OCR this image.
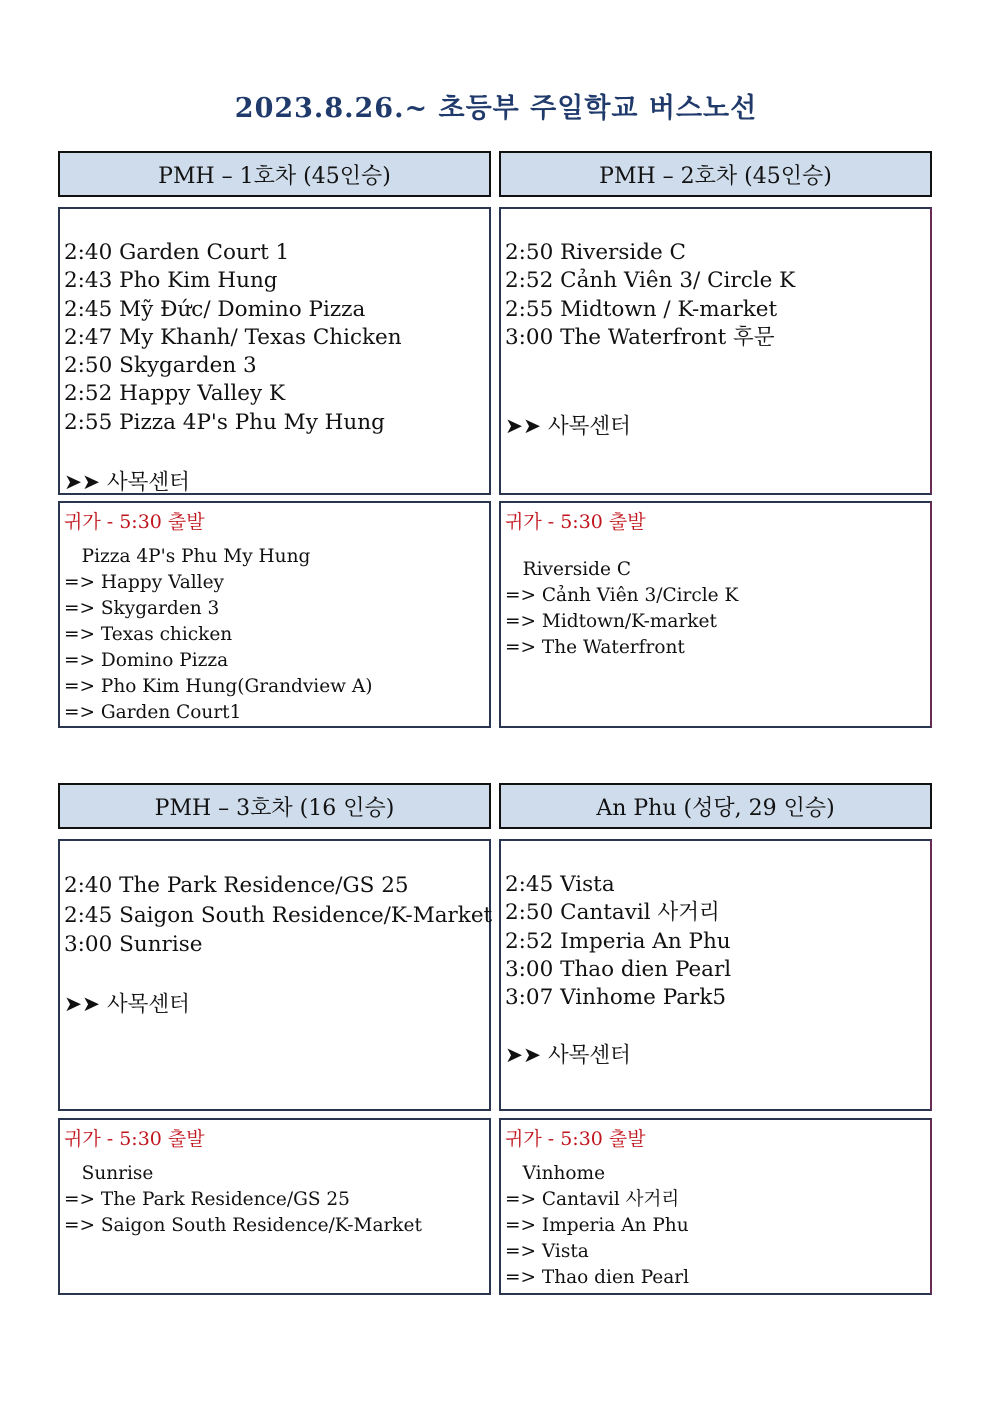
2023.8.26.~ 초등부 주일학교 버스노선
PMH – 1호차 (45인승)
2:40 Garden Court 1
2:43 Pho Kim Hung
2:45 Mỹ Đức/ Domino Pizza
2:47 My Khanh/ Texas Chicken
2:50 Skygarden 3
2:52 Happy Valley K
2:55 Pizza 4P's Phu My Hung
➤➤ 사목센터
귀가 - 5:30 출발
Pizza 4P's Phu My Hung
=> Happy Valley
=> Skygarden 3
=> Texas chicken
=> Domino Pizza
=> Pho Kim Hung(Grandview A)
=> Garden Court1
PMH – 2호차 (45인승)
2:50 Riverside C
2:52 Cảnh Viên 3/ Circle K
2:55 Midtown / K-market
3:00 The Waterfront 후문
➤➤ 사목센터
귀가 - 5:30 출발
Riverside C
=> Cảnh Viên 3/Circle K
=> Midtown/K-market
=> The Waterfront
PMH – 3호차 (16 인승)
2:40 The Park Residence/GS 25
2:45 Saigon South Residence/K-Market
3:00 Sunrise
➤➤ 사목센터
귀가 - 5:30 출발
Sunrise
=> The Park Residence/GS 25
=> Saigon South Residence/K-Market
An Phu (성당, 29 인승)
2:45 Vista
2:50 Cantavil 사거리
2:52 Imperia An Phu
3:00 Thao dien Pearl
3:07 Vinhome Park5
➤➤ 사목센터
귀가 - 5:30 출발
Vinhome
=> Cantavil 사거리
=> Imperia An Phu
=> Vista
=> Thao dien Pearl
